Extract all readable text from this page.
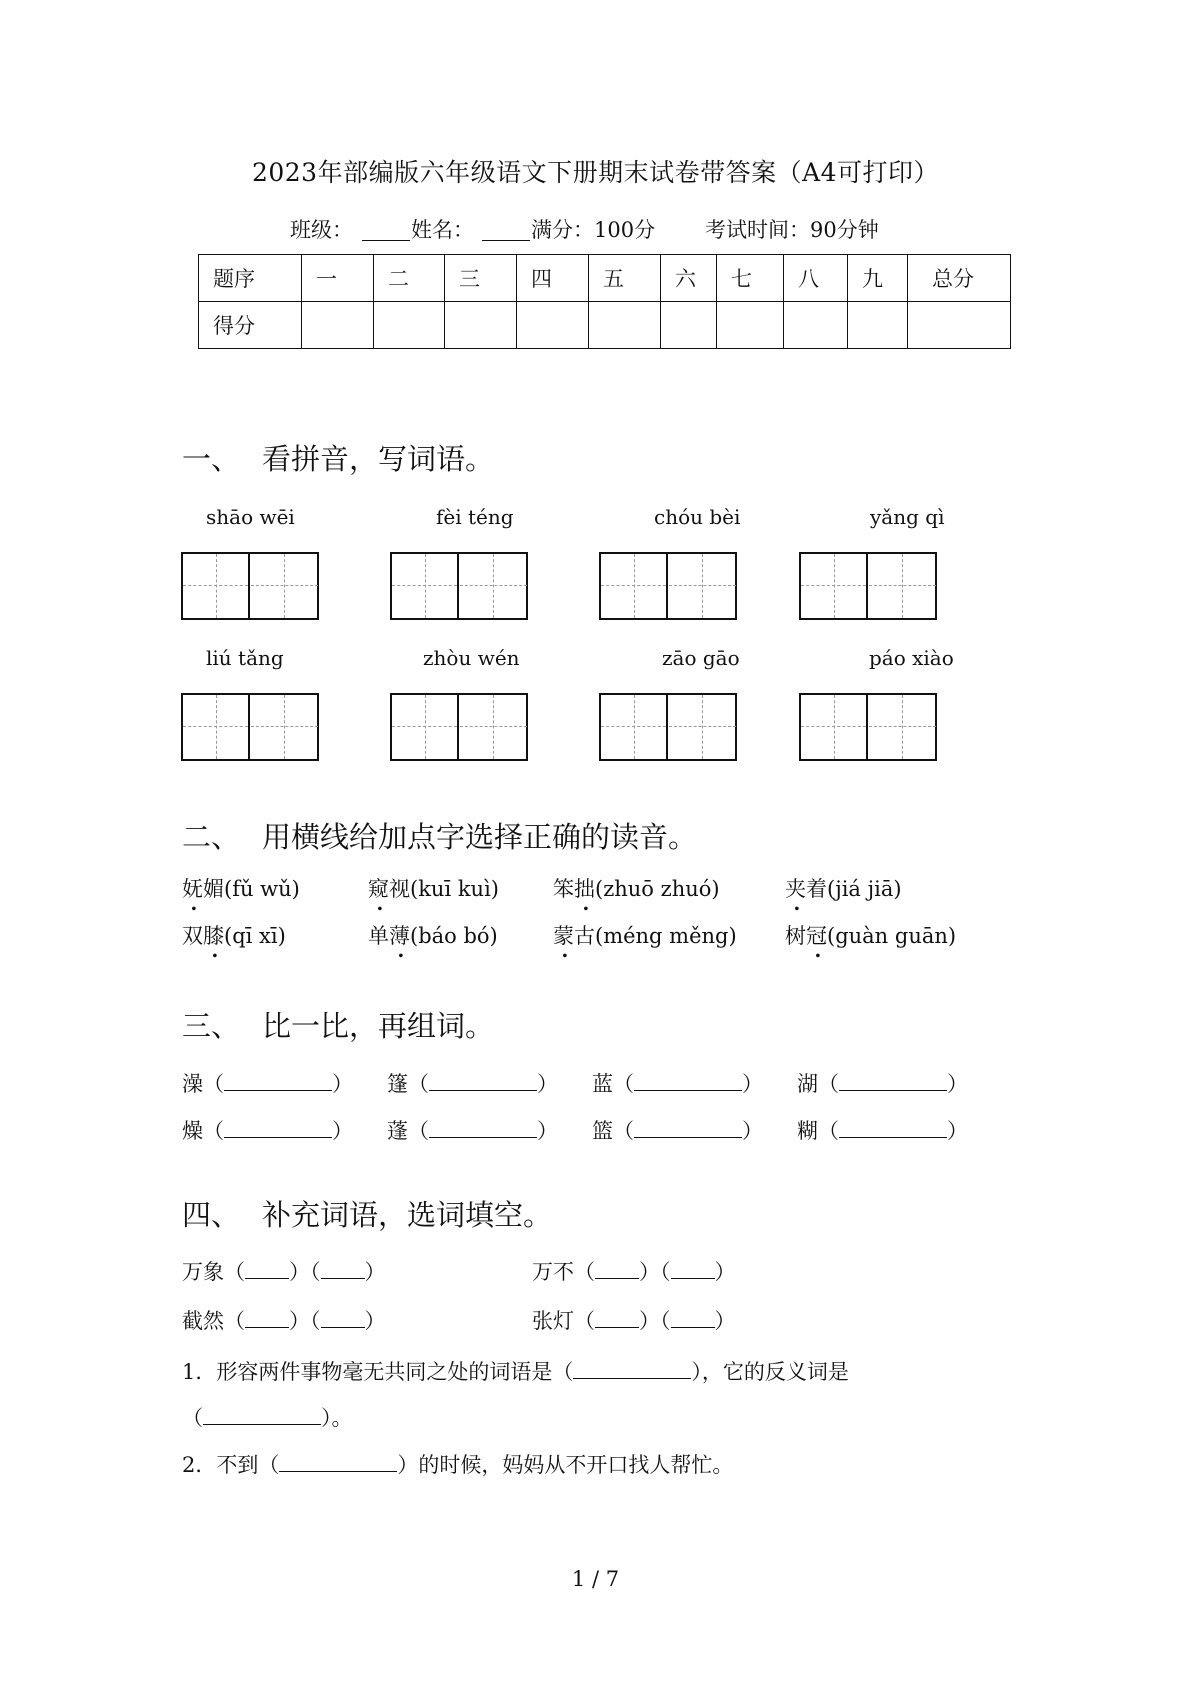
2023年部编版六年级语文下册期末试卷带答案（A4可打印）
班级：	姓名：	满分：100分 考试时间：90分钟
题序	一	二	三	四	五	六	七	八	九	总分
得分										
一、 看拼音，写词语。
shāo wēi	fèi téng	chóu bèi	yǎng qì
liú tǎng	zhòu wén	zāo gāo	páo xiào
二、 用横线给加点字选择正确的读音。
妩媚(fǔ wǔ)	窥视(kuī kuì)	笨拙(zhuō zhuó)	夹着(jiá jiā)
双膝(qī xī)	单薄(báo bó)	蒙古(méng měng) 树冠(guàn guān)
三、 比一比，再组词。
澡（	） 篷（	） 蓝（	） 湖（	）
燥（	） 蓬（	） 篮（	） 糊（	）
四、 补充词语，选词填空。
万象（ ）（ ）	万不（ ）（ ）
截然（ ）（ ）	张灯（ ）（ ）
1．形容两件事物毫无共同之处的词语是（	），它的反义词是
（	）。
2．不到（	）的时候，妈妈从不开口找人帮忙。
1 / 7
